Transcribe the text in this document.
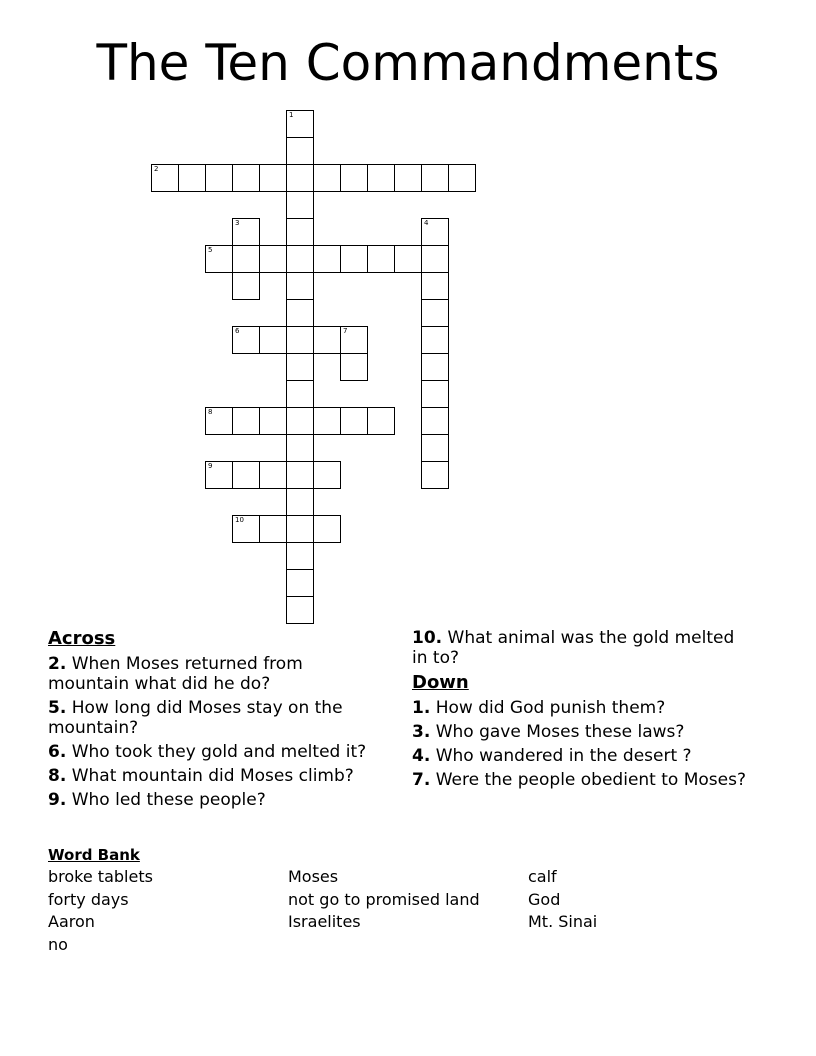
The Ten Commandments
1
2
3	4
5
6	7
8
9
10
Across
2. When Moses returned from mountain what did he do?
5. How long did Moses stay on the mountain?
6. Who took they gold and melted it?
8. What mountain did Moses climb?
9. Who led these people?
10. What animal was the gold melted in to?
Down
1. How did God punish them?
3. Who gave Moses these laws?
4. Who wandered in the desert ?
7. Were the people obedient to Moses?
Word Bank
broke tablets	Moses	calf
forty days	not go to promised land	God
Aaron	Israelites	Mt. Sinai
no
